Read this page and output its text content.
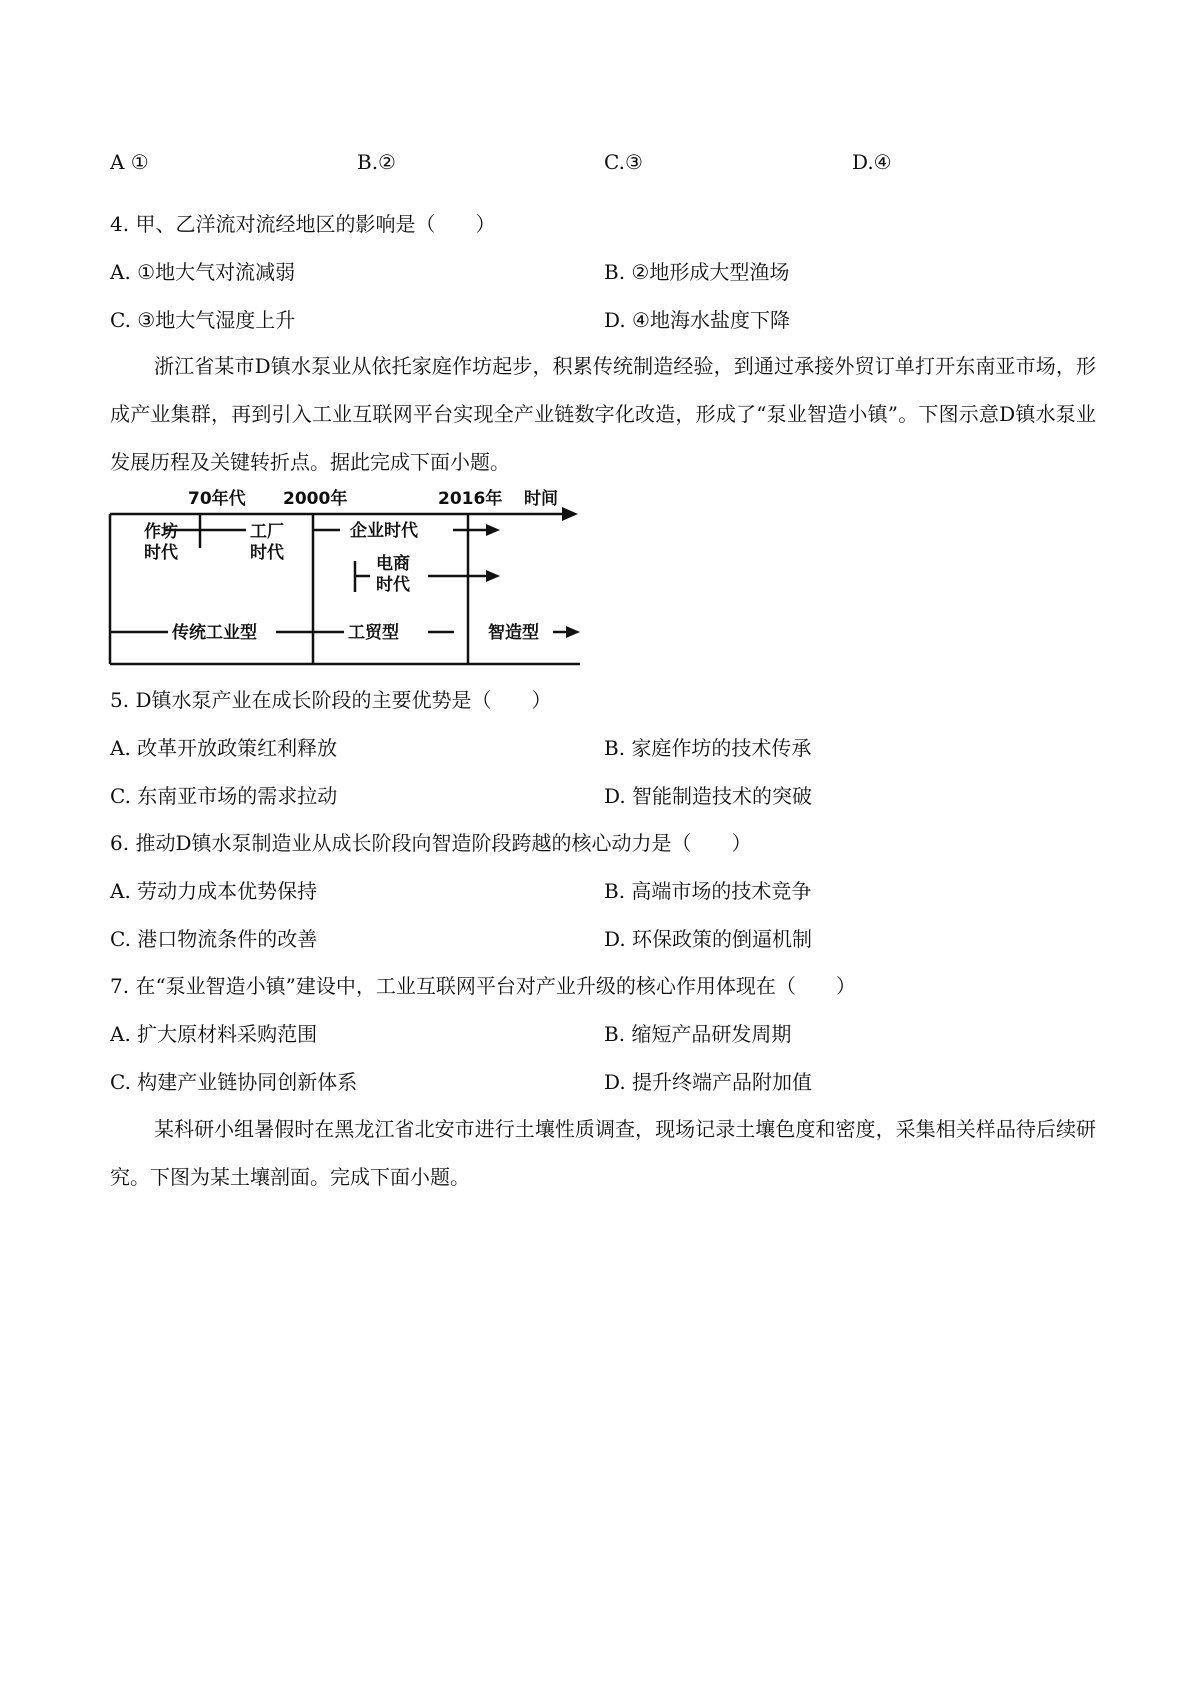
A ①	B.②	C.③	D.④
4. 甲、乙洋流对流经地区的影响是（　　）
A. ①地大气对流减弱	B. ②地形成大型渔场
C. ③地大气湿度上升	D. ④地海水盐度下降

浙江省某市D镇水泵业从依托家庭作坊起步，积累传统制造经验，到通过承接外贸订单打开东南亚市场，形成产业集群，再到引入工业互联网平台实现全产业链数字化改造，形成了“泵业智造小镇”。下图示意D镇水泵业发展历程及关键转折点。据此完成下面小题。

70年代 2000年	2016年 时间
作坊
时代
工厂
时代
企业时代
电商
时代
传统工业型	工贸型	智造型
5. D镇水泵产业在成长阶段的主要优势是（　　）
A. 改革开放政策红利释放	B. 家庭作坊的技术传承
C. 东南亚市场的需求拉动	D. 智能制造技术的突破
6. 推动D镇水泵制造业从成长阶段向智造阶段跨越的核心动力是（　　）
A. 劳动力成本优势保持	B. 高端市场的技术竞争
C. 港口物流条件的改善	D. 环保政策的倒逼机制
7. 在“泵业智造小镇”建设中，工业互联网平台对产业升级的核心作用体现在（　　）
A. 扩大原材料采购范围	B. 缩短产品研发周期
C. 构建产业链协同创新体系	D. 提升终端产品附加值

某科研小组暑假时在黑龙江省北安市进行土壤性质调查，现场记录土壤色度和密度，采集相关样品待后续研究。下图为某土壤剖面。完成下面小题。
